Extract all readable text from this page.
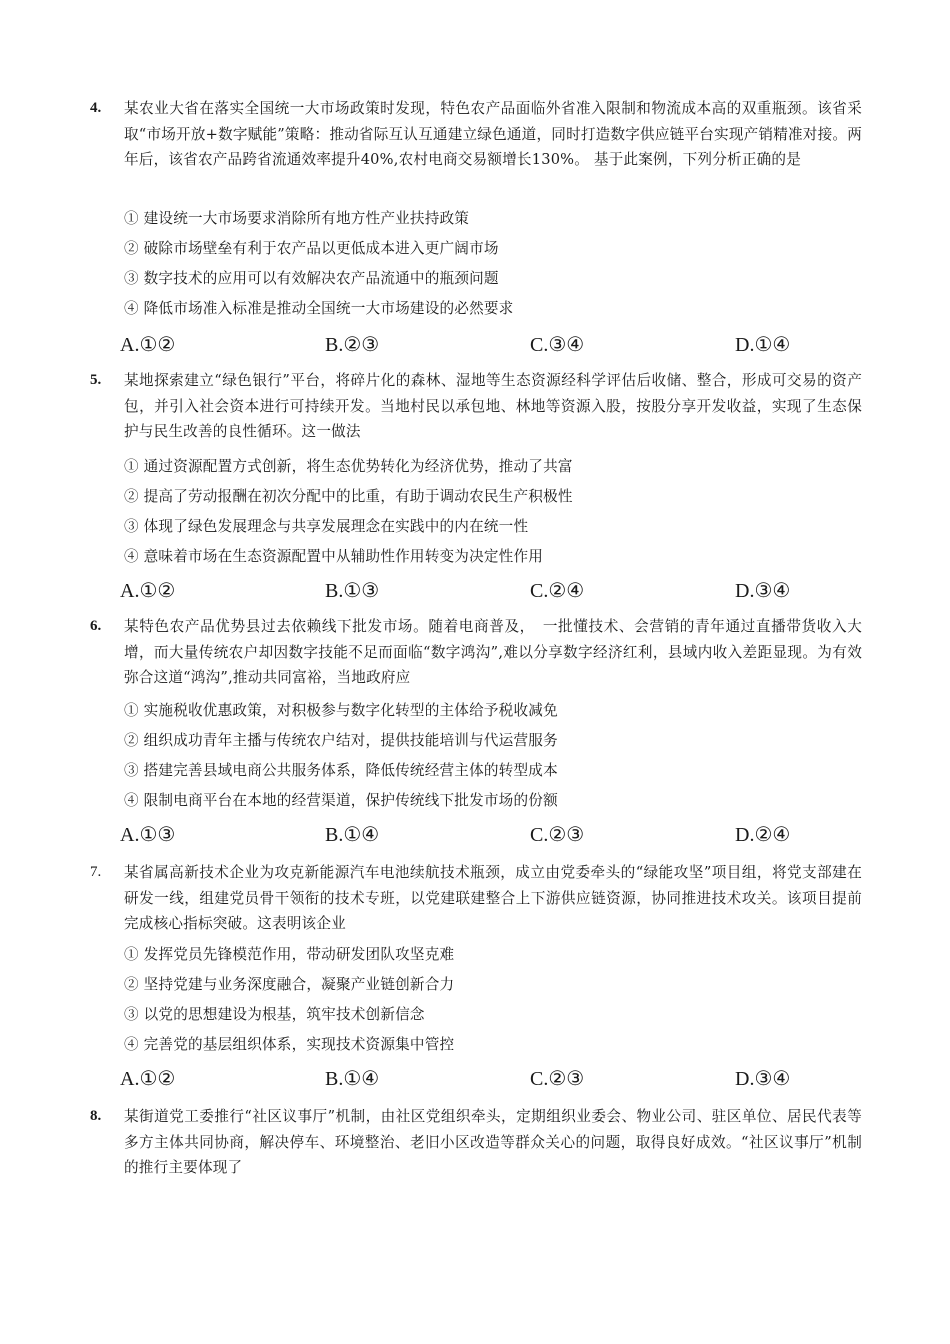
4. 某农业大省在落实全国统一大市场政策时发现，特色农产品面临外省准入限制和物流成本高的双重瓶颈。该省采取“市场开放+数字赋能”策略：推动省际互认互通建立绿色通道，同时打造数字供应链平台实现产销精准对接。两年后，该省农产品跨省流通效率提升40%,农村电商交易额增长130%。 基于此案例，下列分析正确的是
① 建设统一大市场要求消除所有地方性产业扶持政策
② 破除市场壁垒有利于农产品以更低成本进入更广阔市场
③ 数字技术的应用可以有效解决农产品流通中的瓶颈问题
④ 降低市场准入标准是推动全国统一大市场建设的必然要求
A.①②	B.②③	C.③④	D.①④
5. 某地探索建立“绿色银行”平台，将碎片化的森林、湿地等生态资源经科学评估后收储、整合，形成可交易的资产包，并引入社会资本进行可持续开发。当地村民以承包地、林地等资源入股，按股分享开发收益，实现了生态保护与民生改善的良性循环。这一做法
① 通过资源配置方式创新，将生态优势转化为经济优势，推动了共富
② 提高了劳动报酬在初次分配中的比重，有助于调动农民生产积极性
③ 体现了绿色发展理念与共享发展理念在实践中的内在统一性
④ 意味着市场在生态资源配置中从辅助性作用转变为决定性作用
A.①②	B.①③	C.②④	D.③④
6. 某特色农产品优势县过去依赖线下批发市场。随着电商普及，　一批懂技术、会营销的青年通过直播带货收入大增，而大量传统农户却因数字技能不足而面临“数字鸿沟”,难以分享数字经济红利，县域内收入差距显现。为有效弥合这道“鸿沟”,推动共同富裕，当地政府应
① 实施税收优惠政策，对积极参与数字化转型的主体给予税收减免
② 组织成功青年主播与传统农户结对，提供技能培训与代运营服务
③ 搭建完善县域电商公共服务体系，降低传统经营主体的转型成本
④ 限制电商平台在本地的经营渠道，保护传统线下批发市场的份额
A.①③	B.①④	C.②③	D.②④
7. 某省属高新技术企业为攻克新能源汽车电池续航技术瓶颈，成立由党委牵头的“绿能攻坚”项目组，将党支部建在研发一线，组建党员骨干领衔的技术专班，以党建联建整合上下游供应链资源，协同推进技术攻关。该项目提前完成核心指标突破。这表明该企业
① 发挥党员先锋模范作用，带动研发团队攻坚克难
② 坚持党建与业务深度融合，凝聚产业链创新合力
③ 以党的思想建设为根基，筑牢技术创新信念
④ 完善党的基层组织体系，实现技术资源集中管控
A.①②	B.①④	C.②③	D.③④
8. 某街道党工委推行“社区议事厅”机制，由社区党组织牵头，定期组织业委会、物业公司、驻区单位、居民代表等多方主体共同协商，解决停车、环境整治、老旧小区改造等群众关心的问题，取得良好成效。“社区议事厅”机制的推行主要体现了
